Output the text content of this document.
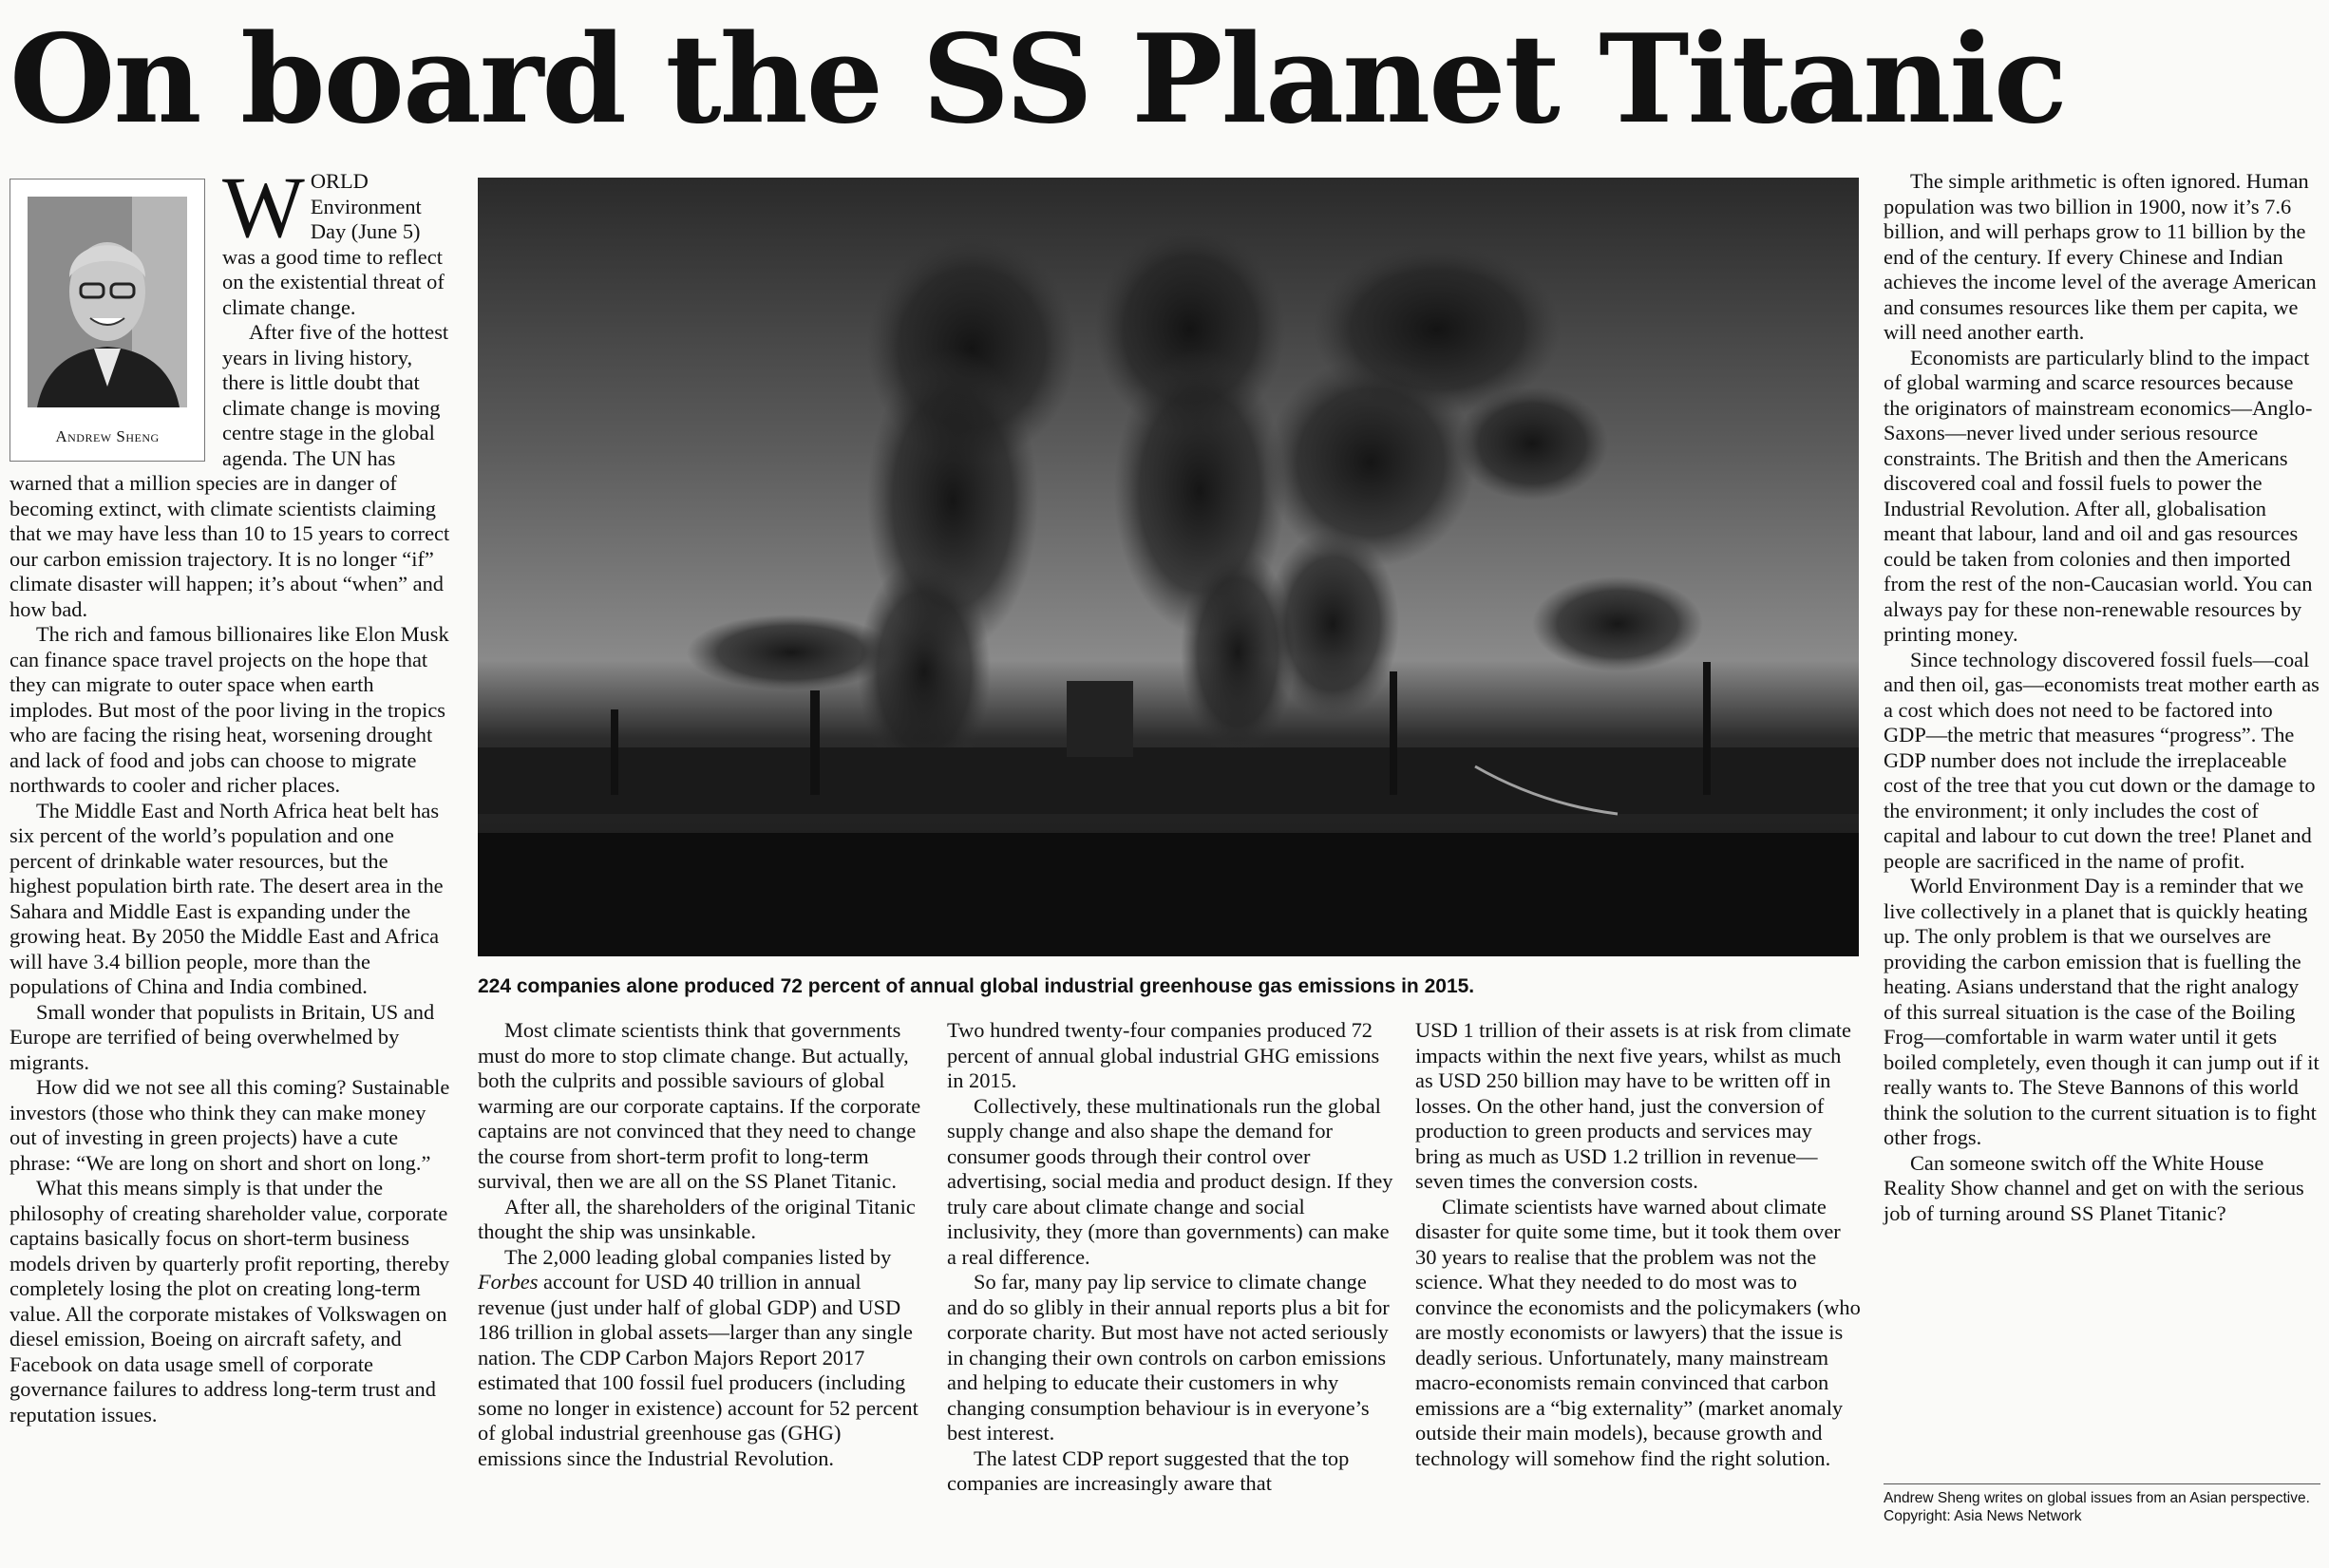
On board the SS Planet Titanic
Andrew Sheng

WORLD Environment Day (June 5) was a good time to reflect on the existential threat of climate change.

After five of the hottest years in living history, there is little doubt that climate change is moving centre stage in the global agenda. The UN has warned that a million species are in danger of becoming extinct, with climate scientists claiming that we may have less than 10 to 15 years to correct our carbon emission trajectory. It is no longer “if” climate disaster will happen; it’s about “when” and how bad.

The rich and famous billionaires like Elon Musk can finance space travel projects on the hope that they can migrate to outer space when earth implodes. But most of the poor living in the tropics who are facing the rising heat, worsening drought and lack of food and jobs can choose to migrate northwards to cooler and richer places.

The Middle East and North Africa heat belt has six percent of the world’s population and one percent of drinkable water resources, but the highest population birth rate. The desert area in the Sahara and Middle East is expanding under the growing heat. By 2050 the Middle East and Africa will have 3.4 billion people, more than the populations of China and India combined.

Small wonder that populists in Britain, US and Europe are terrified of being overwhelmed by migrants.

How did we not see all this coming? Sustainable investors (those who think they can make money out of investing in green projects) have a cute phrase: “We are long on short and short on long.”

What this means simply is that under the philosophy of creating shareholder value, corporate captains basically focus on short-term business models driven by quarterly profit reporting, thereby completely losing the plot on creating long-term value. All the corporate mistakes of Volkswagen on diesel emission, Boeing on aircraft safety, and Facebook on data usage smell of corporate governance failures to address long-term trust and reputation issues.

224 companies alone produced 72 percent of annual global industrial greenhouse gas emissions in 2015.

Most climate scientists think that governments must do more to stop climate change. But actually, both the culprits and possible saviours of global warming are our corporate captains. If the corporate captains are not convinced that they need to change the course from short-term profit to long-term survival, then we are all on the SS Planet Titanic.

After all, the shareholders of the original Titanic thought the ship was unsinkable.

The 2,000 leading global companies listed by Forbes account for USD 40 trillion in annual revenue (just under half of global GDP) and USD 186 trillion in global assets—larger than any single nation. The CDP Carbon Majors Report 2017 estimated that 100 fossil fuel producers (including some no longer in existence) account for 52 percent of global industrial greenhouse gas (GHG) emissions since the Industrial Revolution.

Two hundred twenty-four companies produced 72 percent of annual global industrial GHG emissions in 2015.

Collectively, these multinationals run the global supply change and also shape the demand for consumer goods through their control over advertising, social media and product design. If they truly care about climate change and social inclusivity, they (more than governments) can make a real difference.

So far, many pay lip service to climate change and do so glibly in their annual reports plus a bit for corporate charity. But most have not acted seriously in changing their own controls on carbon emissions and helping to educate their customers in why changing consumption behaviour is in everyone’s best interest.

The latest CDP report suggested that the top companies are increasingly aware that

USD 1 trillion of their assets is at risk from climate impacts within the next five years, whilst as much as USD 250 billion may have to be written off in losses. On the other hand, just the conversion of production to green products and services may bring as much as USD 1.2 trillion in revenue—seven times the conversion costs.

Climate scientists have warned about climate disaster for quite some time, but it took them over 30 years to realise that the problem was not the science. What they needed to do most was to convince the economists and the policymakers (who are mostly economists or lawyers) that the issue is deadly serious. Unfortunately, many mainstream macro-economists remain convinced that carbon emissions are a “big externality” (market anomaly outside their main models), because growth and technology will somehow find the right solution.

The simple arithmetic is often ignored. Human population was two billion in 1900, now it’s 7.6 billion, and will perhaps grow to 11 billion by the end of the century. If every Chinese and Indian achieves the income level of the average American and consumes resources like them per capita, we will need another earth.

Economists are particularly blind to the impact of global warming and scarce resources because the originators of mainstream economics—Anglo-Saxons—never lived under serious resource constraints. The British and then the Americans discovered coal and fossil fuels to power the Industrial Revolution. After all, globalisation meant that labour, land and oil and gas resources could be taken from colonies and then imported from the rest of the non-Caucasian world. You can always pay for these non-renewable resources by printing money.

Since technology discovered fossil fuels—coal and then oil, gas—economists treat mother earth as a cost which does not need to be factored into GDP—the metric that measures “progress”. The GDP number does not include the irreplaceable cost of the tree that you cut down or the damage to the environment; it only includes the cost of capital and labour to cut down the tree! Planet and people are sacrificed in the name of profit.

World Environment Day is a reminder that we live collectively in a planet that is quickly heating up. The only problem is that we ourselves are providing the carbon emission that is fuelling the heating. Asians understand that the right analogy of this surreal situation is the case of the Boiling Frog—comfortable in warm water until it gets boiled completely, even though it can jump out if it really wants to. The Steve Bannons of this world think the solution to the current situation is to fight other frogs.

Can someone switch off the White House Reality Show channel and get on with the serious job of turning around SS Planet Titanic?

Andrew Sheng writes on global issues from an Asian perspective.
Copyright: Asia News Network
